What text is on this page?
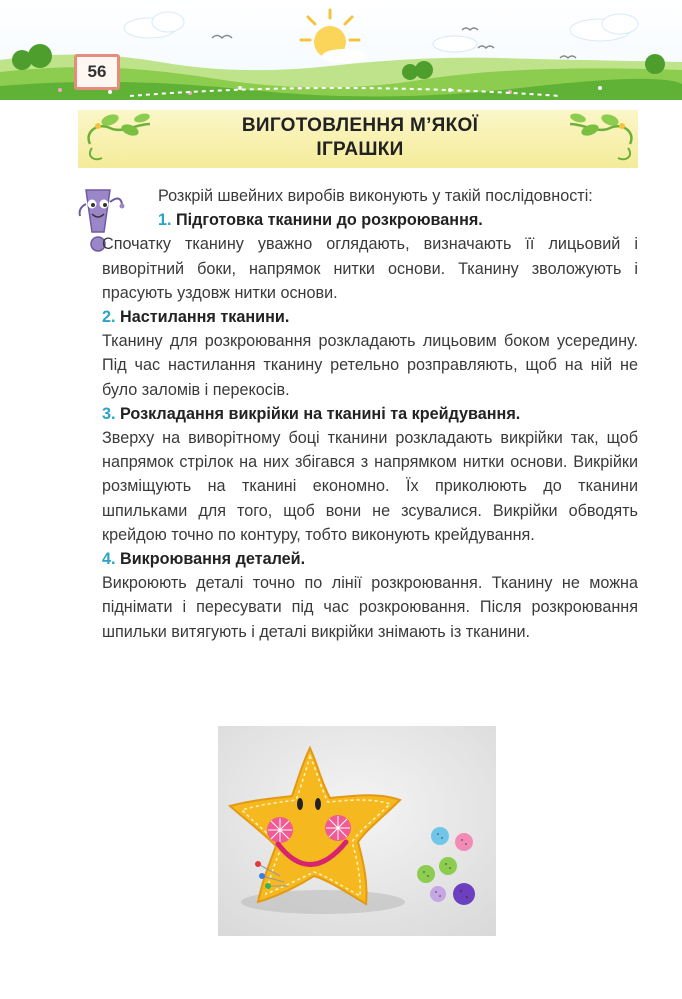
56
ВИГОТОВЛЕННЯ М’ЯКОЇ
ІГРАШКИ

Розкрій швейних виробів виконують у такій послідовності:

1. Підготовка тканини до розкроювання.

Спочатку тканину уважно оглядають, визначають її лицьовий і виворітний боки, напрямок нитки основи. Тканину зволожують і прасують уздовж нитки основи.

2. Настилання тканини.

Тканину для розкроювання розкладають лицьовим боком усередину. Під час настилання тканину ретельно розправляють, щоб на ній не було заломів і перекосів.

3. Розкладання викрійки на тканині та крейдування.

Зверху на виворітному боці тканини розкладають викрійки так, щоб напрямок стрілок на них збігався з напрямком нитки основи. Викрійки розміщують на тканині економно. Їх приколюють до тканини шпильками для того, щоб вони не зсувалися. Викрійки обводять крейдою точно по контуру, тобто виконують крейдування.

4. Викроювання деталей.

Викроюють деталі точно по лінії розкроювання. Тканину не можна піднімати і пересувати під час розкроювання. Після розкроювання шпильки витягують і деталі викрійки знімають із тканини.
